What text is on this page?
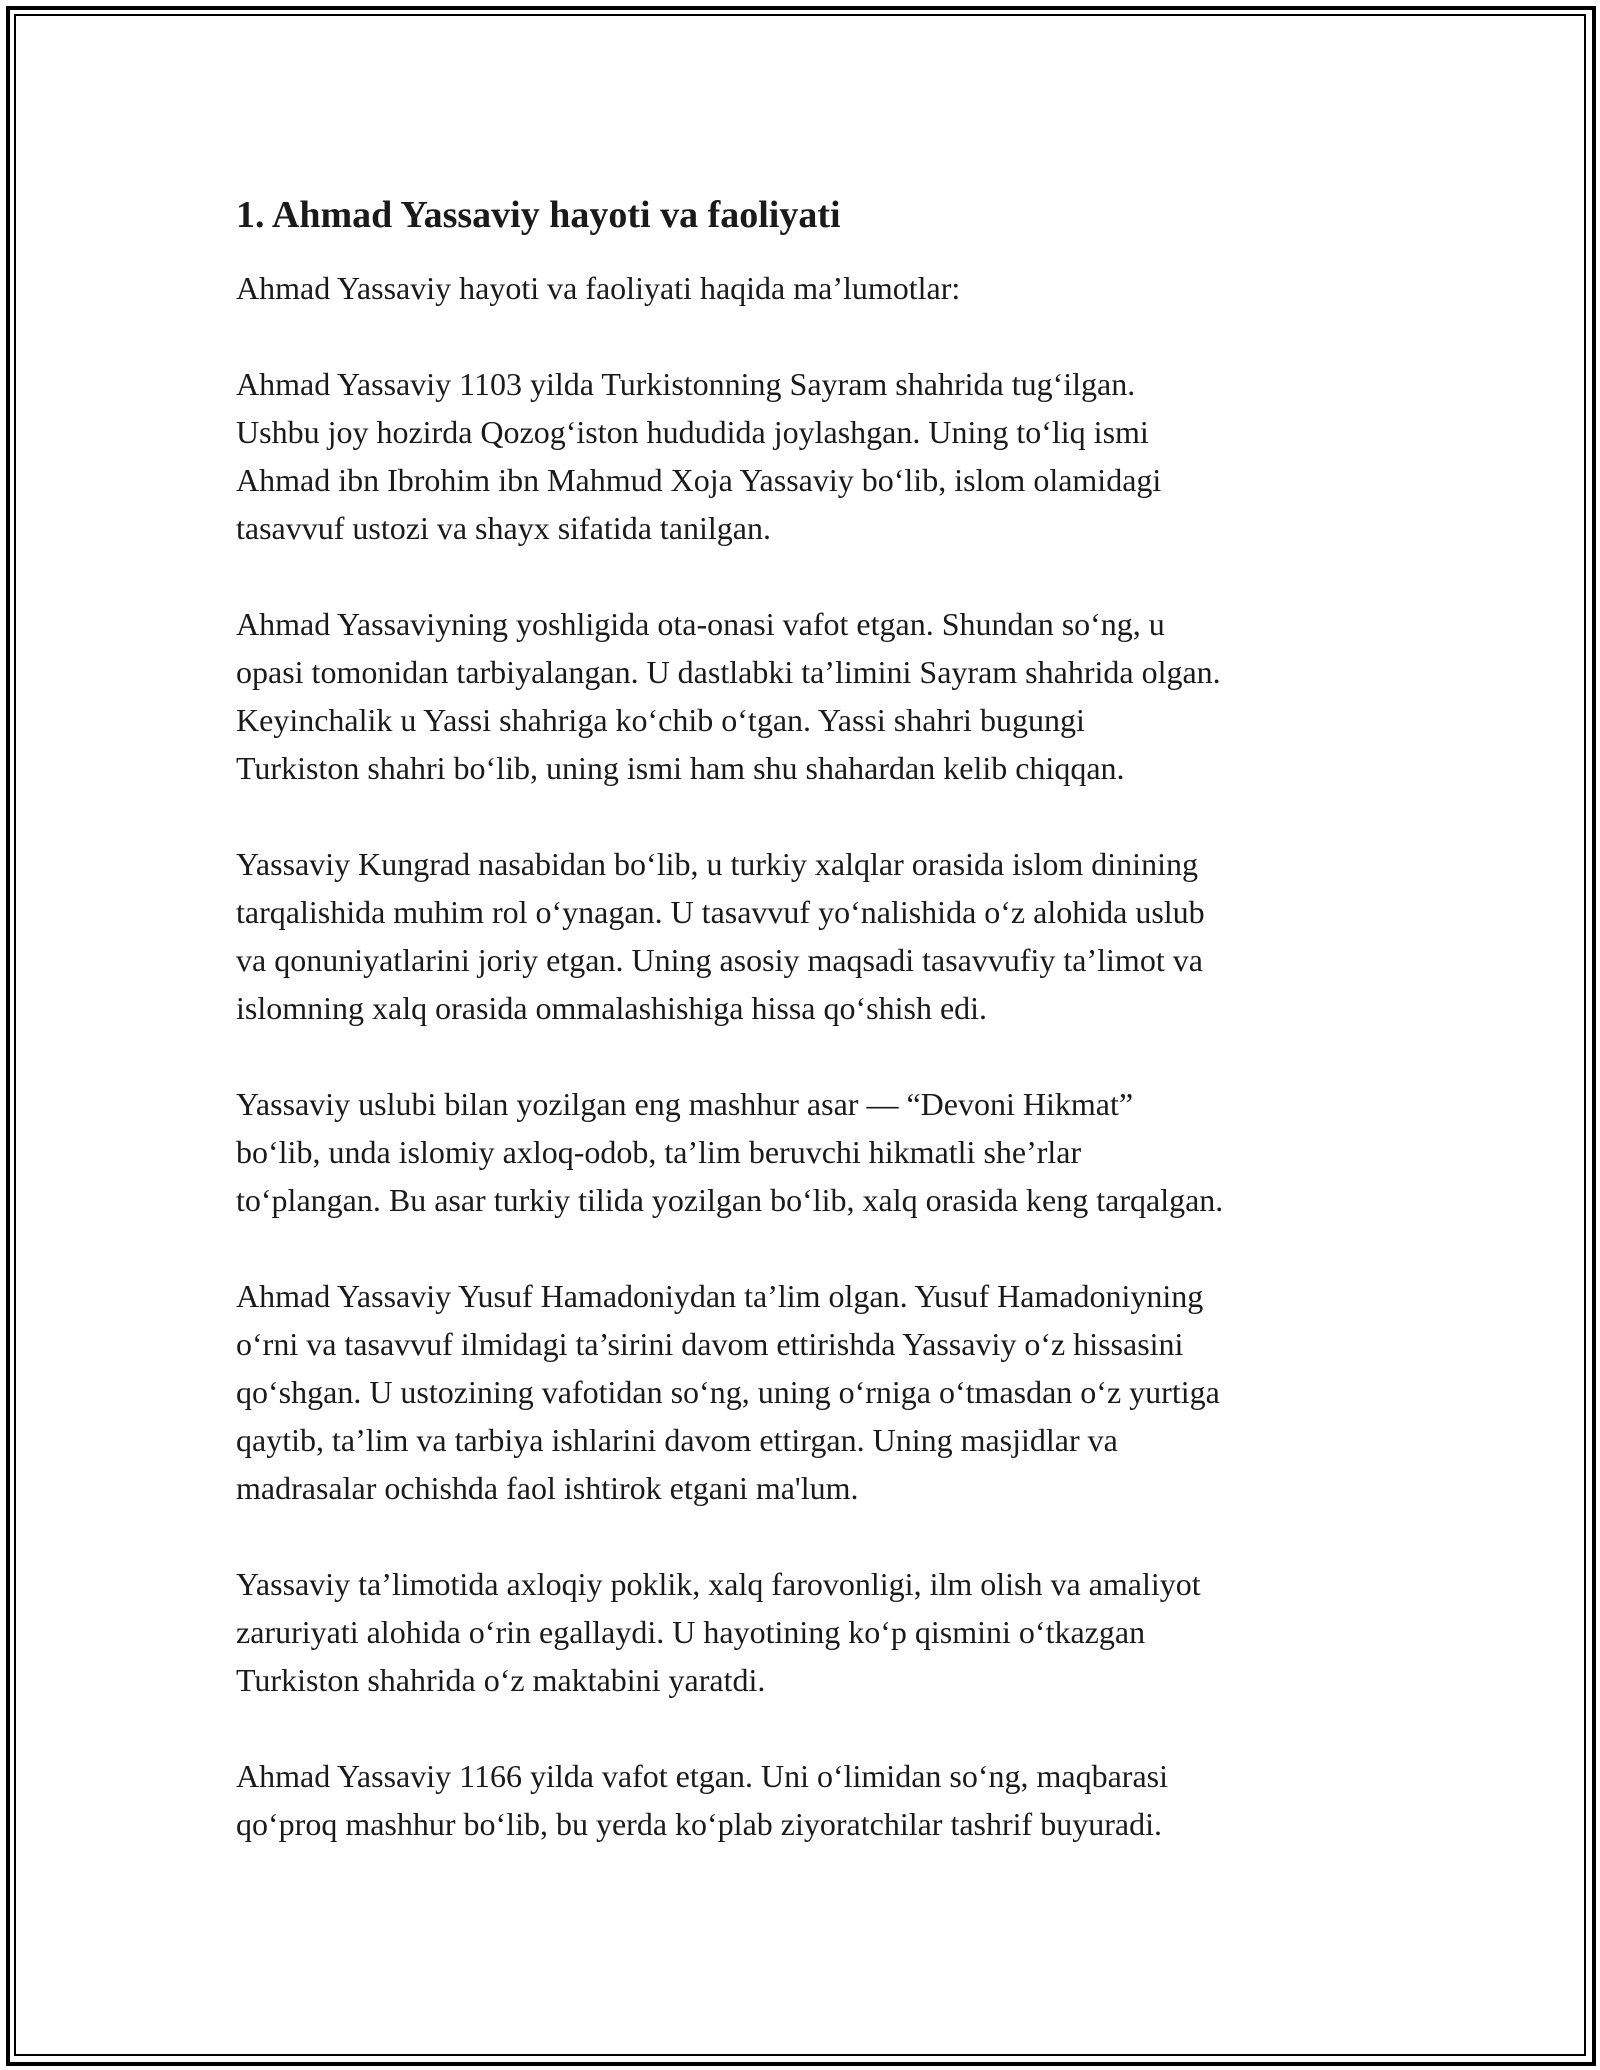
1. Ahmad Yassaviy hayoti va faoliyati

Ahmad Yassaviy hayoti va faoliyati haqida ma’lumotlar:

Ahmad Yassaviy 1103 yilda Turkistonning Sayram shahrida tug‘ilgan.
Ushbu joy hozirda Qozog‘iston hududida joylashgan. Uning to‘liq ismi
Ahmad ibn Ibrohim ibn Mahmud Xoja Yassaviy bo‘lib, islom olamidagi
tasavvuf ustozi va shayx sifatida tanilgan.

Ahmad Yassaviyning yoshligida ota-onasi vafot etgan. Shundan so‘ng, u
opasi tomonidan tarbiyalangan. U dastlabki ta’limini Sayram shahrida olgan.
Keyinchalik u Yassi shahriga ko‘chib o‘tgan. Yassi shahri bugungi
Turkiston shahri bo‘lib, uning ismi ham shu shahardan kelib chiqqan.

Yassaviy Kungrad nasabidan bo‘lib, u turkiy xalqlar orasida islom dinining
tarqalishida muhim rol o‘ynagan. U tasavvuf yo‘nalishida o‘z alohida uslub
va qonuniyatlarini joriy etgan. Uning asosiy maqsadi tasavvufiy ta’limot va
islomning xalq orasida ommalashishiga hissa qo‘shish edi.

Yassaviy uslubi bilan yozilgan eng mashhur asar — “Devoni Hikmat”
bo‘lib, unda islomiy axloq-odob, ta’lim beruvchi hikmatli she’rlar
to‘plangan. Bu asar turkiy tilida yozilgan bo‘lib, xalq orasida keng tarqalgan.

Ahmad Yassaviy Yusuf Hamadoniydan ta’lim olgan. Yusuf Hamadoniyning
o‘rni va tasavvuf ilmidagi ta’sirini davom ettirishda Yassaviy o‘z hissasini
qo‘shgan. U ustozining vafotidan so‘ng, uning o‘rniga o‘tmasdan o‘z yurtiga
qaytib, ta’lim va tarbiya ishlarini davom ettirgan. Uning masjidlar va
madrasalar ochishda faol ishtirok etgani ma'lum.

Yassaviy ta’limotida axloqiy poklik, xalq farovonligi, ilm olish va amaliyot
zaruriyati alohida o‘rin egallaydi. U hayotining ko‘p qismini o‘tkazgan
Turkiston shahrida o‘z maktabini yaratdi.

Ahmad Yassaviy 1166 yilda vafot etgan. Uni o‘limidan so‘ng, maqbarasi
qo‘proq mashhur bo‘lib, bu yerda ko‘plab ziyoratchilar tashrif buyuradi.
